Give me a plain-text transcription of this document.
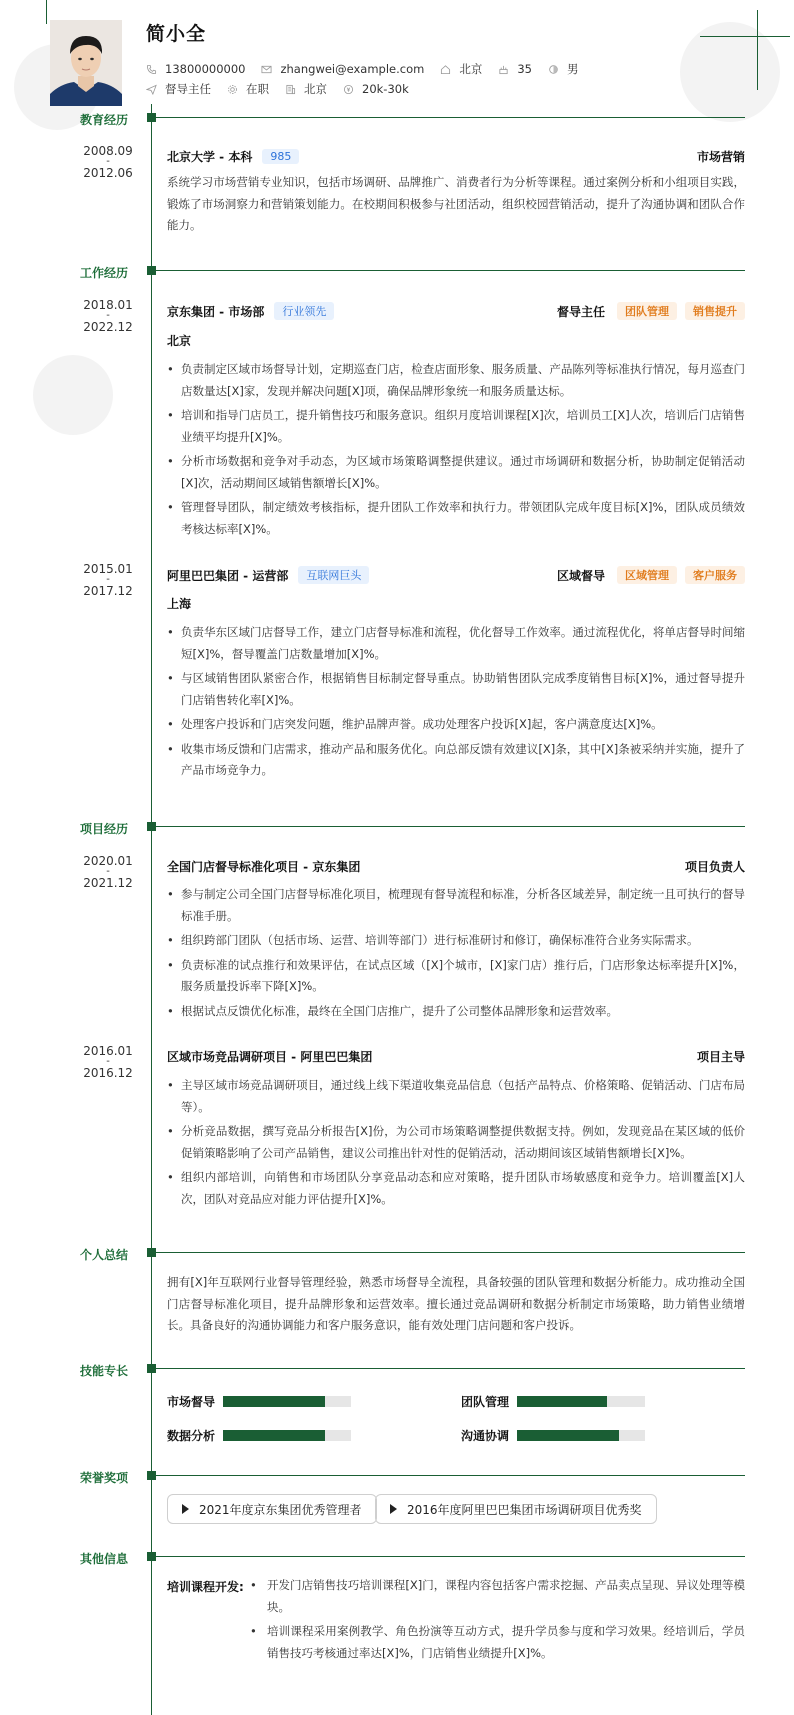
简小全
13800000000	zhangwei@example.com	北京	35	男
督导主任	在职	北京	20k-30k
教育经历
2008.09
-
2012.06
北京大学 - 本科	985	市场营销
系统学习市场营销专业知识，包括市场调研、品牌推广、消费者行为分析等课程。通过案例分析和小组项目实践，锻炼了市场洞察力和营销策划能力。在校期间积极参与社团活动，组织校园营销活动，提升了沟通协调和团队合作能力。
工作经历
2018.01
-
2022.12
京东集团 - 市场部	行业领先	督导主任	团队管理	销售提升
北京
• 负责制定区域市场督导计划，定期巡查门店，检查店面形象、服务质量、产品陈列等标准执行情况，每月巡查门店数量达[X]家，发现并解决问题[X]项，确保品牌形象统一和服务质量达标。
• 培训和指导门店员工，提升销售技巧和服务意识。组织月度培训课程[X]次，培训员工[X]人次，培训后门店销售业绩平均提升[X]%。
• 分析市场数据和竞争对手动态，为区域市场策略调整提供建议。通过市场调研和数据分析，协助制定促销活动[X]次，活动期间区域销售额增长[X]%。
• 管理督导团队，制定绩效考核指标，提升团队工作效率和执行力。带领团队完成年度目标[X]%，团队成员绩效考核达标率[X]%。
2015.01
-
2017.12
阿里巴巴集团 - 运营部	互联网巨头	区域督导	区域管理	客户服务
上海
• 负责华东区域门店督导工作，建立门店督导标准和流程，优化督导工作效率。通过流程优化，将单店督导时间缩短[X]%，督导覆盖门店数量增加[X]%。
• 与区域销售团队紧密合作，根据销售目标制定督导重点。协助销售团队完成季度销售目标[X]%，通过督导提升门店销售转化率[X]%。
• 处理客户投诉和门店突发问题，维护品牌声誉。成功处理客户投诉[X]起，客户满意度达[X]%。
• 收集市场反馈和门店需求，推动产品和服务优化。向总部反馈有效建议[X]条，其中[X]条被采纳并实施，提升了产品市场竞争力。
项目经历
2020.01
-
2021.12
全国门店督导标准化项目 - 京东集团	项目负责人
• 参与制定公司全国门店督导标准化项目，梳理现有督导流程和标准，分析各区域差异，制定统一且可执行的督导标准手册。
• 组织跨部门团队（包括市场、运营、培训等部门）进行标准研讨和修订，确保标准符合业务实际需求。
• 负责标准的试点推行和效果评估，在试点区域（[X]个城市，[X]家门店）推行后，门店形象达标率提升[X]%，服务质量投诉率下降[X]%。
• 根据试点反馈优化标准，最终在全国门店推广，提升了公司整体品牌形象和运营效率。
2016.01
-
2016.12
区域市场竞品调研项目 - 阿里巴巴集团	项目主导
• 主导区域市场竞品调研项目，通过线上线下渠道收集竞品信息（包括产品特点、价格策略、促销活动、门店布局等）。
• 分析竞品数据，撰写竞品分析报告[X]份，为公司市场策略调整提供数据支持。例如，发现竞品在某区域的低价促销策略影响了公司产品销售，建议公司推出针对性的促销活动，活动期间该区域销售额增长[X]%。
• 组织内部培训，向销售和市场团队分享竞品动态和应对策略，提升团队市场敏感度和竞争力。培训覆盖[X]人次，团队对竞品应对能力评估提升[X]%。
个人总结
拥有[X]年互联网行业督导管理经验，熟悉市场督导全流程，具备较强的团队管理和数据分析能力。成功推动全国门店督导标准化项目，提升品牌形象和运营效率。擅长通过竞品调研和数据分析制定市场策略，助力销售业绩增长。具备良好的沟通协调能力和客户服务意识，能有效处理门店问题和客户投诉。
技能专长
市场督导	团队管理
数据分析	沟通协调
荣誉奖项
2021年度京东集团优秀管理者	2016年度阿里巴巴集团市场调研项目优秀奖
其他信息
培训课程开发:
•	开发门店销售技巧培训课程[X]门，课程内容包括客户需求挖掘、产品卖点呈现、异议处理等模块。
• 培训课程采用案例教学、角色扮演等互动方式，提升学员参与度和学习效果。经培训后，学员销售技巧考核通过率达[X]%，门店销售业绩提升[X]%。
